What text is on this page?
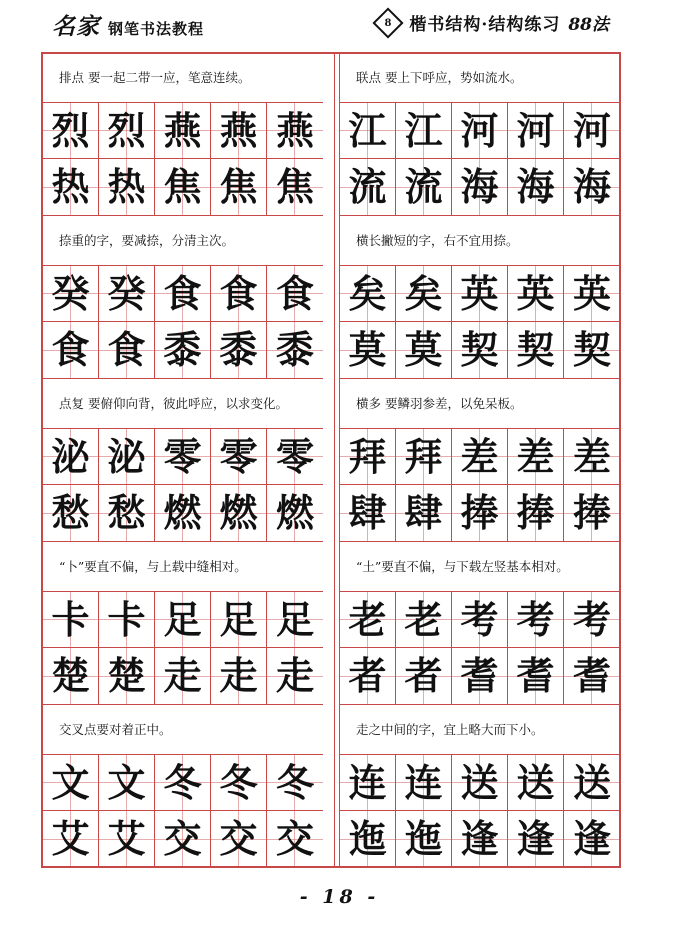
名家 钢笔书法教程	8 楷书结构·结构练习 88法
排点 要一起二带一应，笔意连续。
烈 烈 燕 燕 燕
热 热 焦 焦 焦
联点 要上下呼应，势如流水。
江 江 河 河 河
流 流 海 海 海
捺重的字，要减捺，分清主次。
癸 癸 食 食 食
食 食 黍 黍 黍
横长撇短的字，右不宜用捺。
矣 矣 英 英 英
莫 莫 契 契 契
点复 要俯仰向背，彼此呼应，以求变化。
泌 泌 零 零 零
愁 愁 燃 燃 燃
横多 要鳞羽参差，以免呆板。
拜 拜 差 差 差
肆 肆 捧 捧 捧
“卜”要直不偏，与上载中缝相对。
卡 卡 足 足 足
楚 楚 走 走 走
“土”要直不偏，与下载左竖基本相对。
老 老 考 考 考
者 者 耆 耆 耆
交叉点要对着正中。
文 文 冬 冬 冬
艾 艾 交 交 交
走之中间的字，宜上略大而下小。
连 连 送 送 送
迤 迤 逢 逢 逢
- 18 -
